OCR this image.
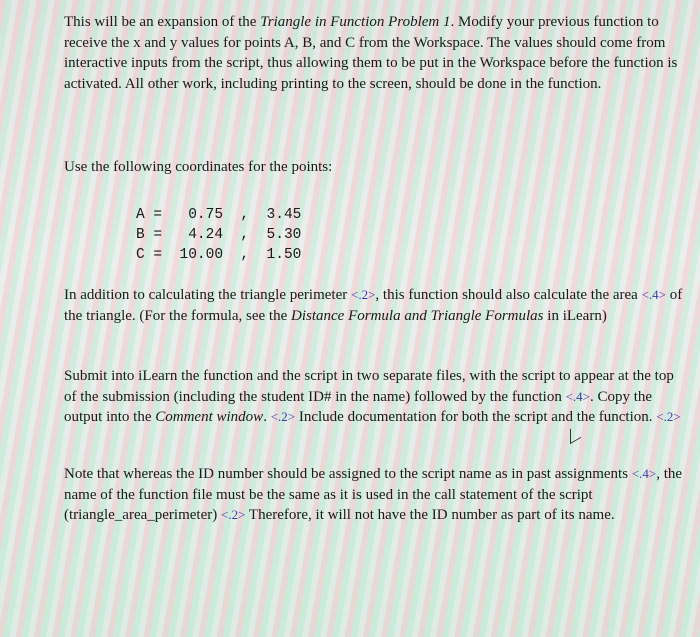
This will be an expansion of the Triangle in Function Problem 1. Modify your previous function to receive the x and y values for points A, B, and C from the Workspace. The values should come from interactive inputs from the script, thus allowing them to be put in the Workspace before the function is activated. All other work, including printing to the screen, should be done in the function.
Use the following coordinates for the points:
A =   0.75  ,  3.45
B =   4.24  ,  5.30
C =  10.00  ,  1.50
In addition to calculating the triangle perimeter <.2>, this function should also calculate the area <.4> of the triangle. (For the formula, see the Distance Formula and Triangle Formulas in iLearn)
Submit into iLearn the function and the script in two separate files, with the script to appear at the top of the submission (including the student ID# in the name) followed by the function <.4>. Copy the output into the Comment window. <.2> Include documentation for both the script and the function. <.2>
Note that whereas the ID number should be assigned to the script name as in past assignments <.4>, the name of the function file must be the same as it is used in the call statement of the script (triangle_area_perimeter) <.2> Therefore, it will not have the ID number as part of its name.
